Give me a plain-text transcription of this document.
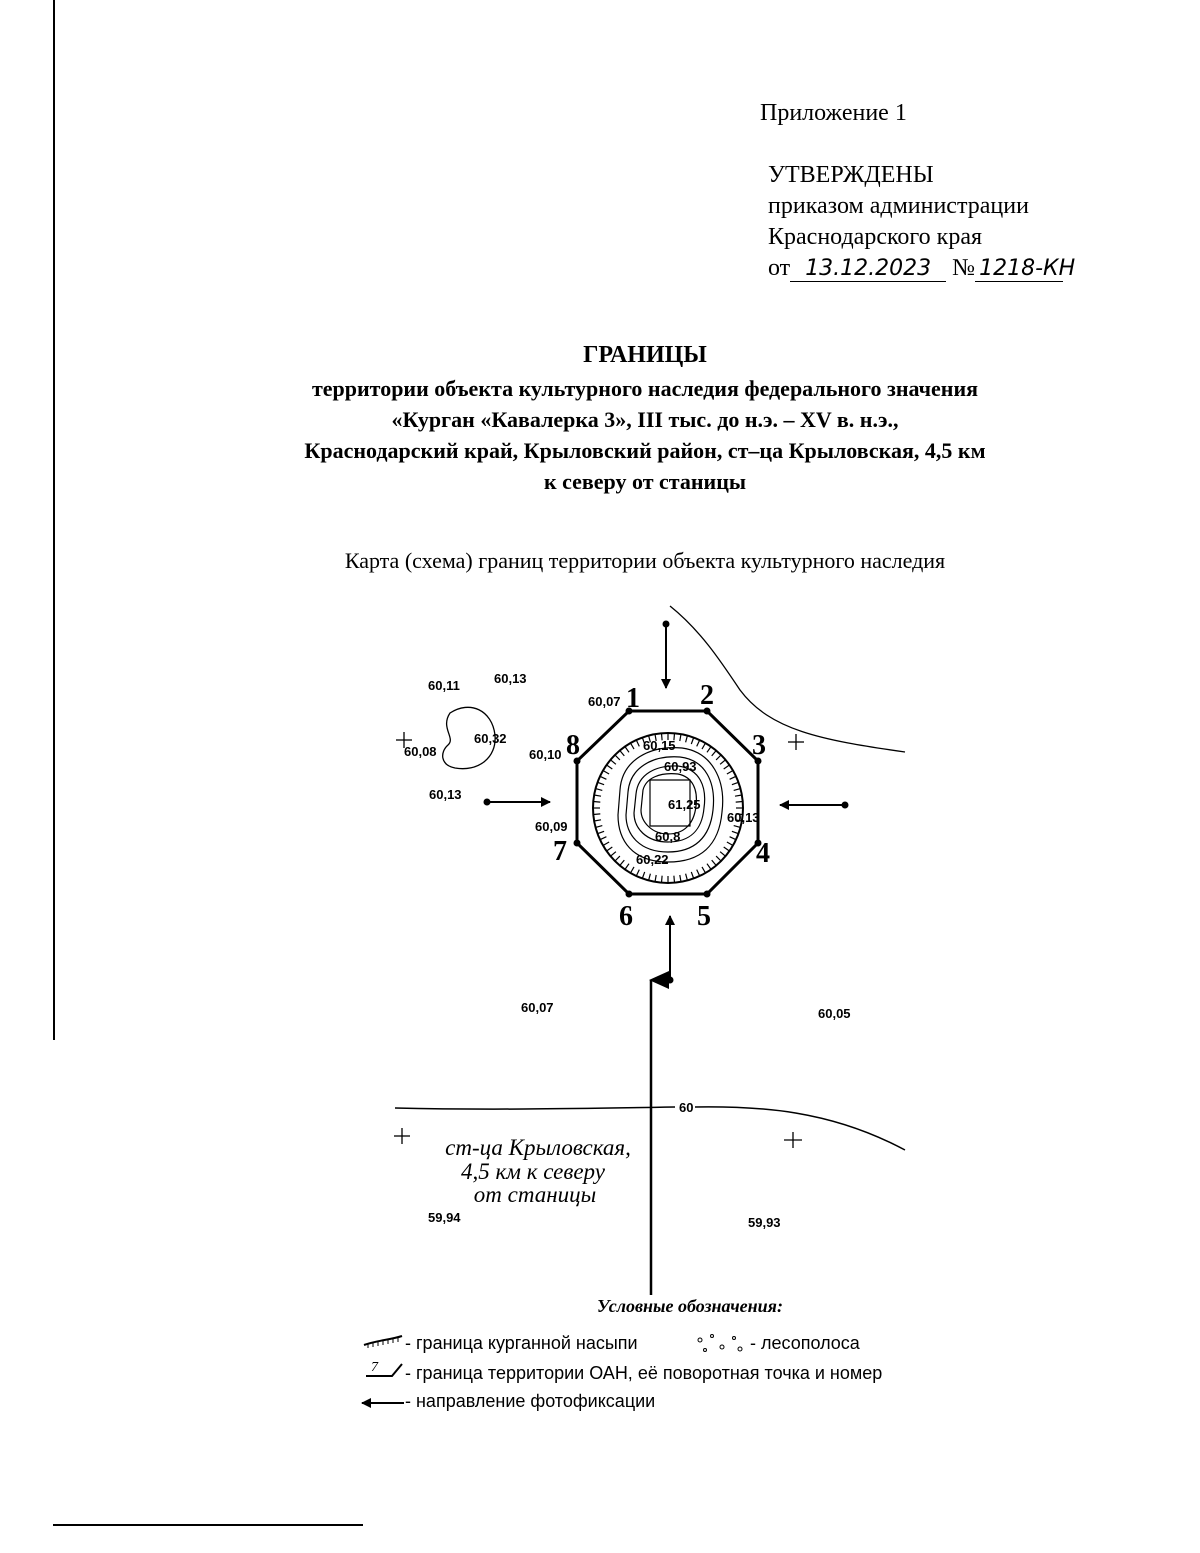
Приложение 1
УТВЕРЖДЕНЫ
приказом администрации
Краснодарского края
от 13.12.2023 № 1218-КН
ГРАНИЦЫ
территории объекта культурного наследия федерального значения
«Курган «Кавалерка 3», III тыс. до н.э. – XV в. н.э.,
Краснодарский край, Крыловский район, ст–ца Крыловская, 4,5 км
к северу от станицы
Карта (схема) границ территории объекта культурного наследия
60
60,11	60,13
60,07
60,08
60,32
60,10
60,15
60,13
61,25
60,09
60,13
60,22
60,07	60,05
59,94	59,93
60,93
60,8
1 2
3
4
5
6
7
8
ст-ца Крыловская,
4,5 км к северу
от станицы
7
Условные обозначения:
- граница курганной насыпи	- лесополоса
- граница территории ОАН, её поворотная точка и номер
- направление фотофиксации
